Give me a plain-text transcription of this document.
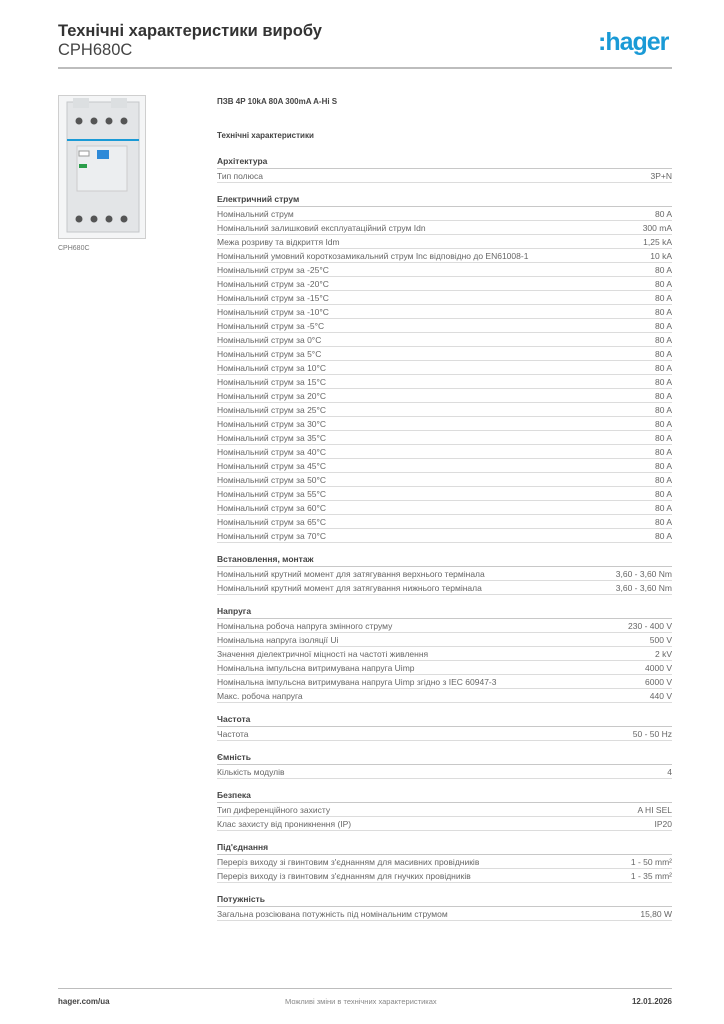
Технічні характеристики виробу
CPH680C	:hager
CPH680C
ПЗВ 4P 10kA 80A 300mA A-Hi S
Технічні характеристики
Архітектура
Тип полюса	3P+N
Електричний струм
Номінальний струм	80 A
Номінальний залишковий експлуатаційний струм Idn	300 mA
Межа розриву та відкриття Idm	1,25 kA
Номінальний умовний короткозамикальний струм Inc відповідно до EN61008-1	10 kA
Номінальний струм за -25°C	80 A
Номінальний струм за -20°C	80 A
Номінальний струм за -15°C	80 A
Номінальний струм за -10°C	80 A
Номінальний струм за -5°C	80 A
Номінальний струм за 0°C	80 A
Номінальний струм за 5°C	80 A
Номінальний струм за 10°C	80 A
Номінальний струм за 15°C	80 A
Номінальний струм за 20°C	80 A
Номінальний струм за 25°C	80 A
Номінальний струм за 30°C	80 A
Номінальний струм за 35°C	80 A
Номінальний струм за 40°C	80 A
Номінальний струм за 45°C	80 A
Номінальний струм за 50°C	80 A
Номінальний струм за 55°C	80 A
Номінальний струм за 60°C	80 A
Номінальний струм за 65°C	80 A
Номінальний струм за 70°C	80 A
Встановлення, монтаж
Номінальний крутний момент для затягування верхнього термінала	3,60 - 3,60 Nm
Номінальний крутний момент для затягування нижнього термінала	3,60 - 3,60 Nm
Напруга
Номінальна робоча напруга змінного струму	230 - 400 V
Номінальна напруга ізоляції Ui	500 V
Значення діелектричної міцності на частоті живлення	2 kV
Номінальна імпульсна витримувана напруга Uimp	4000 V
Номінальна імпульсна витримувана напруга Uimp згідно з IEC 60947-3	6000 V
Макс. робоча напруга	440 V
Частота
Частота	50 - 50 Hz
Ємність
Кількість модулів	4
Безпека
Тип диференційного захисту	A HI SEL
Клас захисту від проникнення (IP)	IP20
Під'єднання
Переріз виходу зі гвинтовим з'єднанням для масивних провідників	1 - 50 mm²
Переріз виходу із гвинтовим з'єднанням для гнучких провідників	1 - 35 mm²
Потужність
Загальна розсіювана потужність під номінальним струмом	15,80 W
hager.com/ua	Можливі зміни в технічних характеристиках	12.01.2026
